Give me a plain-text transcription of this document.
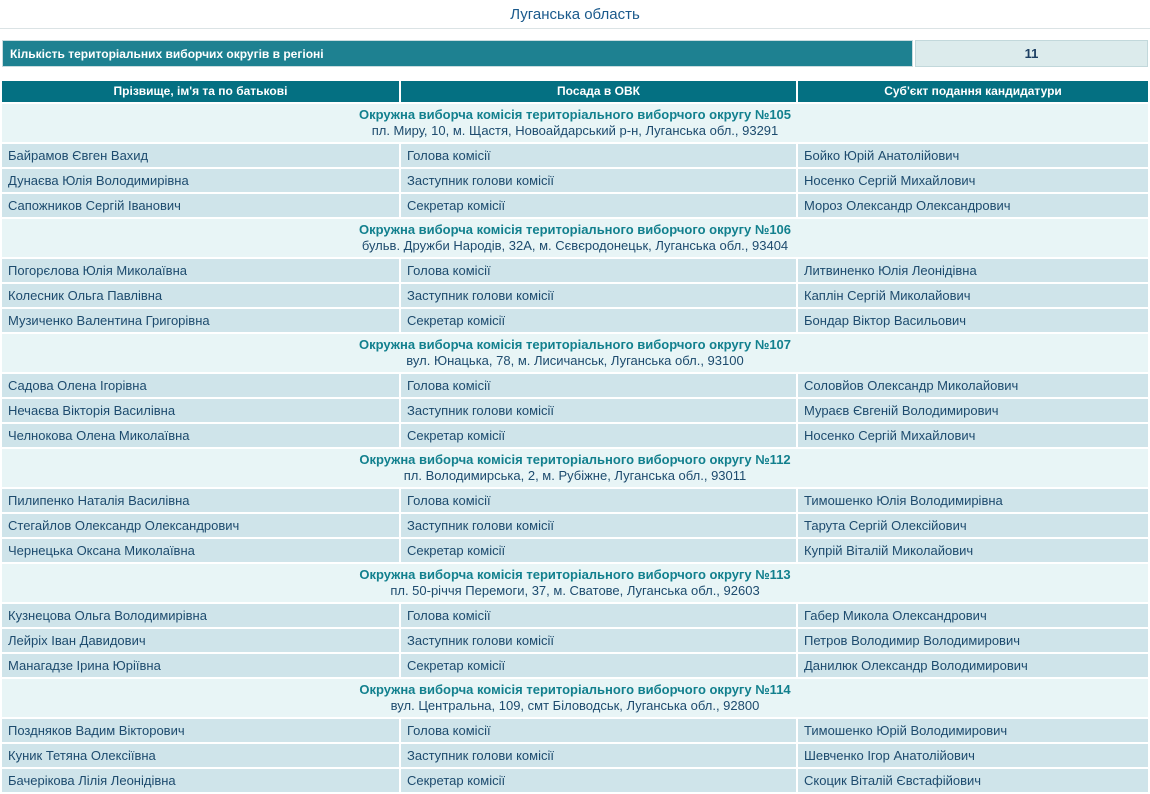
Луганська область
Кількість територіальних виборчих округів в регіоні	11
Прізвище, ім'я та по батькові	Посада в ОВК	Суб'єкт подання кандидатури

Окружна виборча комісія територіального виборчого округу №105
пл. Миру, 10, м. Щастя, Новоайдарський р-н, Луганська обл., 93291		

Байрамов Євген Вахид	Голова комісії	Бойко Юрій Анатолійович
Дунаєва Юлія Володимирівна	Заступник голови комісії	Носенко Сергій Михайлович
Сапожников Сергій Іванович	Секретар комісії	Мороз Олександр Олександрович

Окружна виборча комісія територіального виборчого округу №106
бульв. Дружби Народів, 32А, м. Сєвєродонецьк, Луганська обл., 93404		

Погорєлова Юлія Миколаївна	Голова комісії	Литвиненко Юлія Леонідівна
Колесник Ольга Павлівна	Заступник голови комісії	Каплін Сергій Миколайович
Музиченко Валентина Григорівна	Секретар комісії	Бондар Віктор Васильович

Окружна виборча комісія територіального виборчого округу №107
вул. Юнацька, 78, м. Лисичанськ, Луганська обл., 93100		

Садова Олена Ігорівна	Голова комісії	Соловйов Олександр Миколайович
Нечаєва Вікторія Василівна	Заступник голови комісії	Мураєв Євгеній Володимирович
Челнокова Олена Миколаївна	Секретар комісії	Носенко Сергій Михайлович

Окружна виборча комісія територіального виборчого округу №112
пл. Володимирська, 2, м. Рубіжне, Луганська обл., 93011		

Пилипенко Наталія Василівна	Голова комісії	Тимошенко Юлія Володимирівна
Стегайлов Олександр Олександрович	Заступник голови комісії	Тарута Сергій Олексійович
Чернецька Оксана Миколаївна	Секретар комісії	Купрій Віталій Миколайович

Окружна виборча комісія територіального виборчого округу №113
пл. 50-річчя Перемоги, 37, м. Сватове, Луганська обл., 92603		

Кузнецова Ольга Володимирівна	Голова комісії	Габер Микола Олександрович
Лейріх Іван Давидович	Заступник голови комісії	Петров Володимир Володимирович
Манагадзе Ірина Юріївна	Секретар комісії	Данилюк Олександр Володимирович

Окружна виборча комісія територіального виборчого округу №114
вул. Центральна, 109, смт Біловодськ, Луганська обл., 92800		

Поздняков Вадим Вікторович	Голова комісії	Тимошенко Юрій Володимирович
Куник Тетяна Олексіївна	Заступник голови комісії	Шевченко Ігор Анатолійович
Бачерікова Лілія Леонідівна	Секретар комісії	Скоцик Віталій Євстафійович
